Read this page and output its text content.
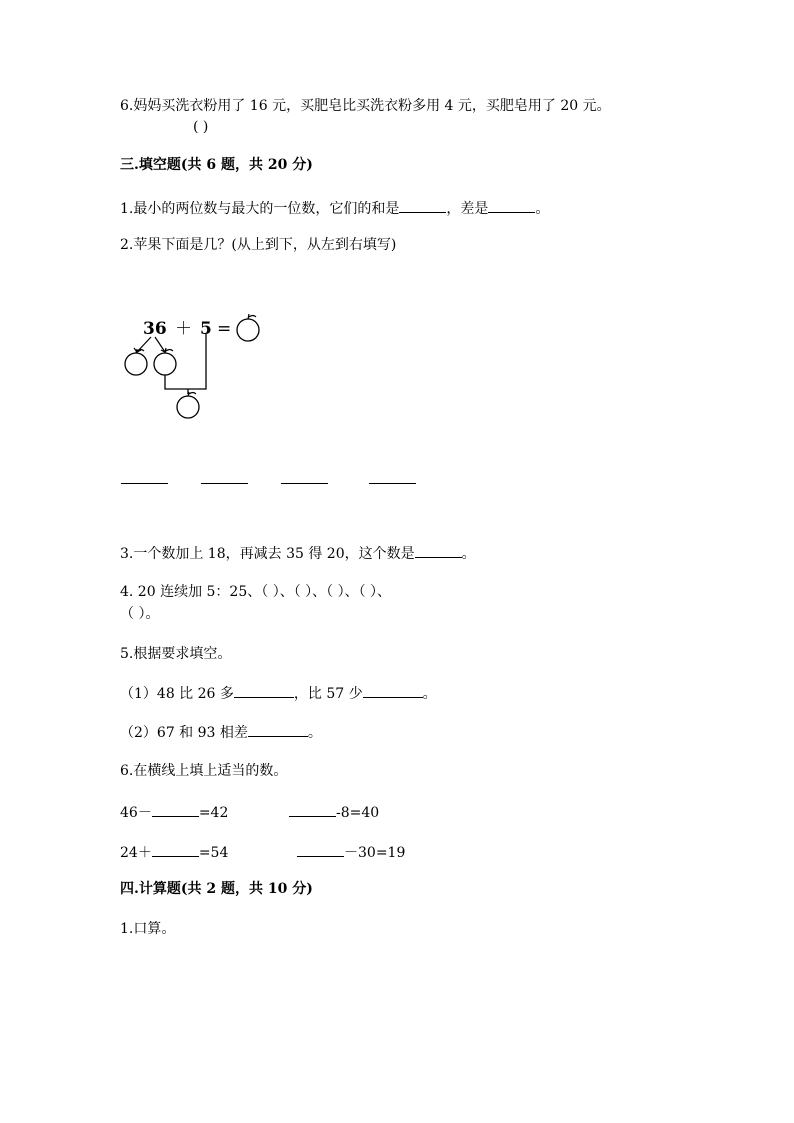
6.妈妈买洗衣粉用了 16 元，买肥皂比买洗衣粉多用 4 元，买肥皂用了 20 元。
( )
三.填空题(共 6 题，共 20 分)
1.最小的两位数与最大的一位数，它们的和是	，差是	。
2.苹果下面是几？(从上到下，从左到右填写)
36 ＋ 5 =
3.一个数加上 18，再减去 35 得 20，这个数是	。
4. 20 连续加 5：25、（ ）、（ ）、（ ）、（ ）、
（ ）。
5.根据要求填空。
（1）48 比 26 多	，比 57 少	。
（2）67 和 93 相差	。
6.在横线上填上适当的数。
46－	=42	-8=40
24＋	=54	－30=19
四.计算题(共 2 题，共 10 分)
1.口算。
